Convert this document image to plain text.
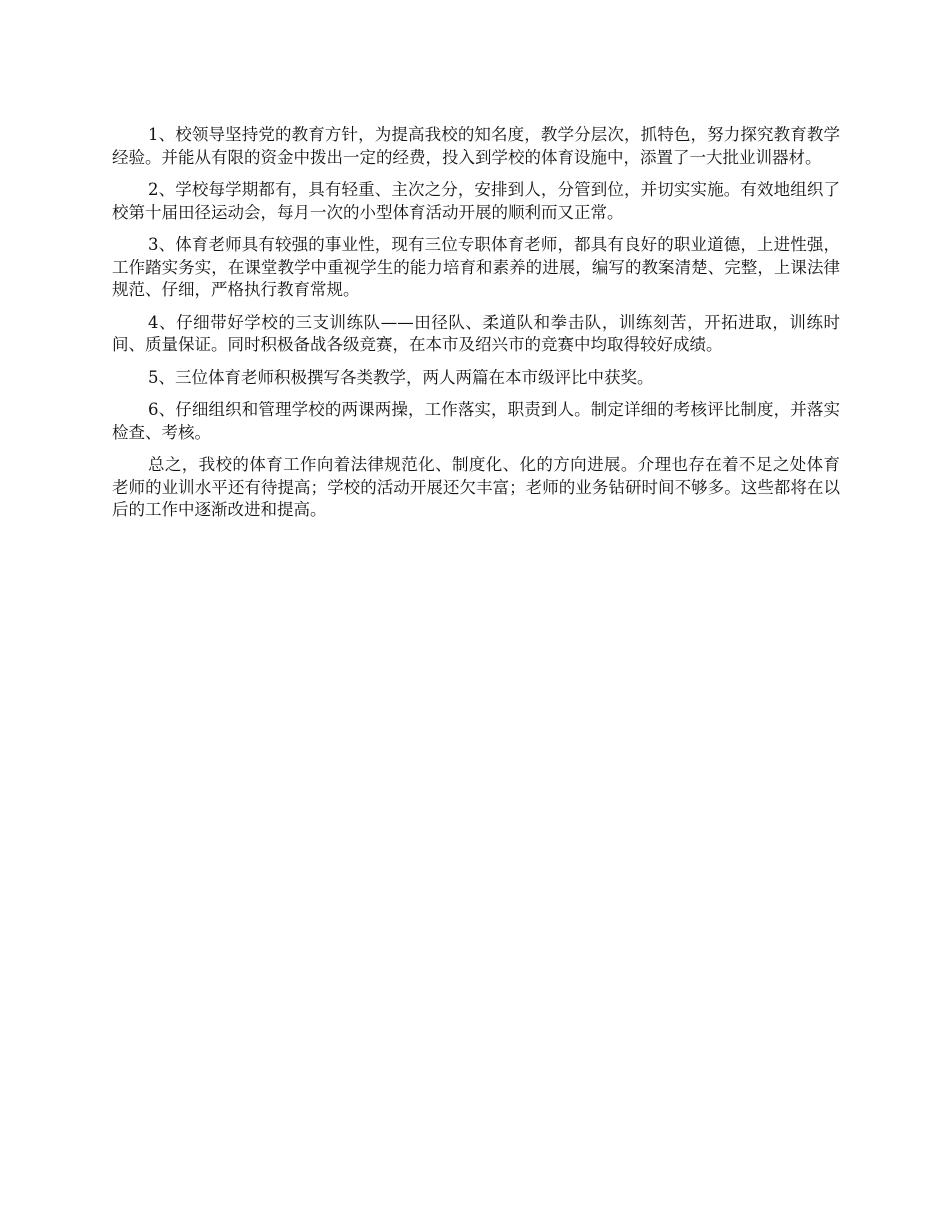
1、校领导坚持党的教育方针，为提高我校的知名度，教学分层次，抓特色，努力探究教育教学经验。并能从有限的资金中拨出一定的经费，投入到学校的体育设施中，添置了一大批业训器材。

2、学校每学期都有，具有轻重、主次之分，安排到人，分管到位，并切实实施。有效地组织了校第十届田径运动会，每月一次的小型体育活动开展的顺利而又正常。

3、体育老师具有较强的事业性，现有三位专职体育老师，都具有良好的职业道德，上进性强，工作踏实务实，在课堂教学中重视学生的能力培育和素养的进展，编写的教案清楚、完整，上课法律规范、仔细，严格执行教育常规。

4、仔细带好学校的三支训练队——田径队、柔道队和拳击队，训练刻苦，开拓进取，训练时间、质量保证。同时积极备战各级竞赛，在本市及绍兴市的竞赛中均取得较好成绩。

5、三位体育老师积极撰写各类教学，两人两篇在本市级评比中获奖。

6、仔细组织和管理学校的两课两操，工作落实，职责到人。制定详细的考核评比制度，并落实检查、考核。

总之，我校的体育工作向着法律规范化、制度化、化的方向进展。介理也存在着不足之处体育老师的业训水平还有待提高；学校的活动开展还欠丰富；老师的业务钻研时间不够多。这些都将在以后的工作中逐渐改进和提高。
